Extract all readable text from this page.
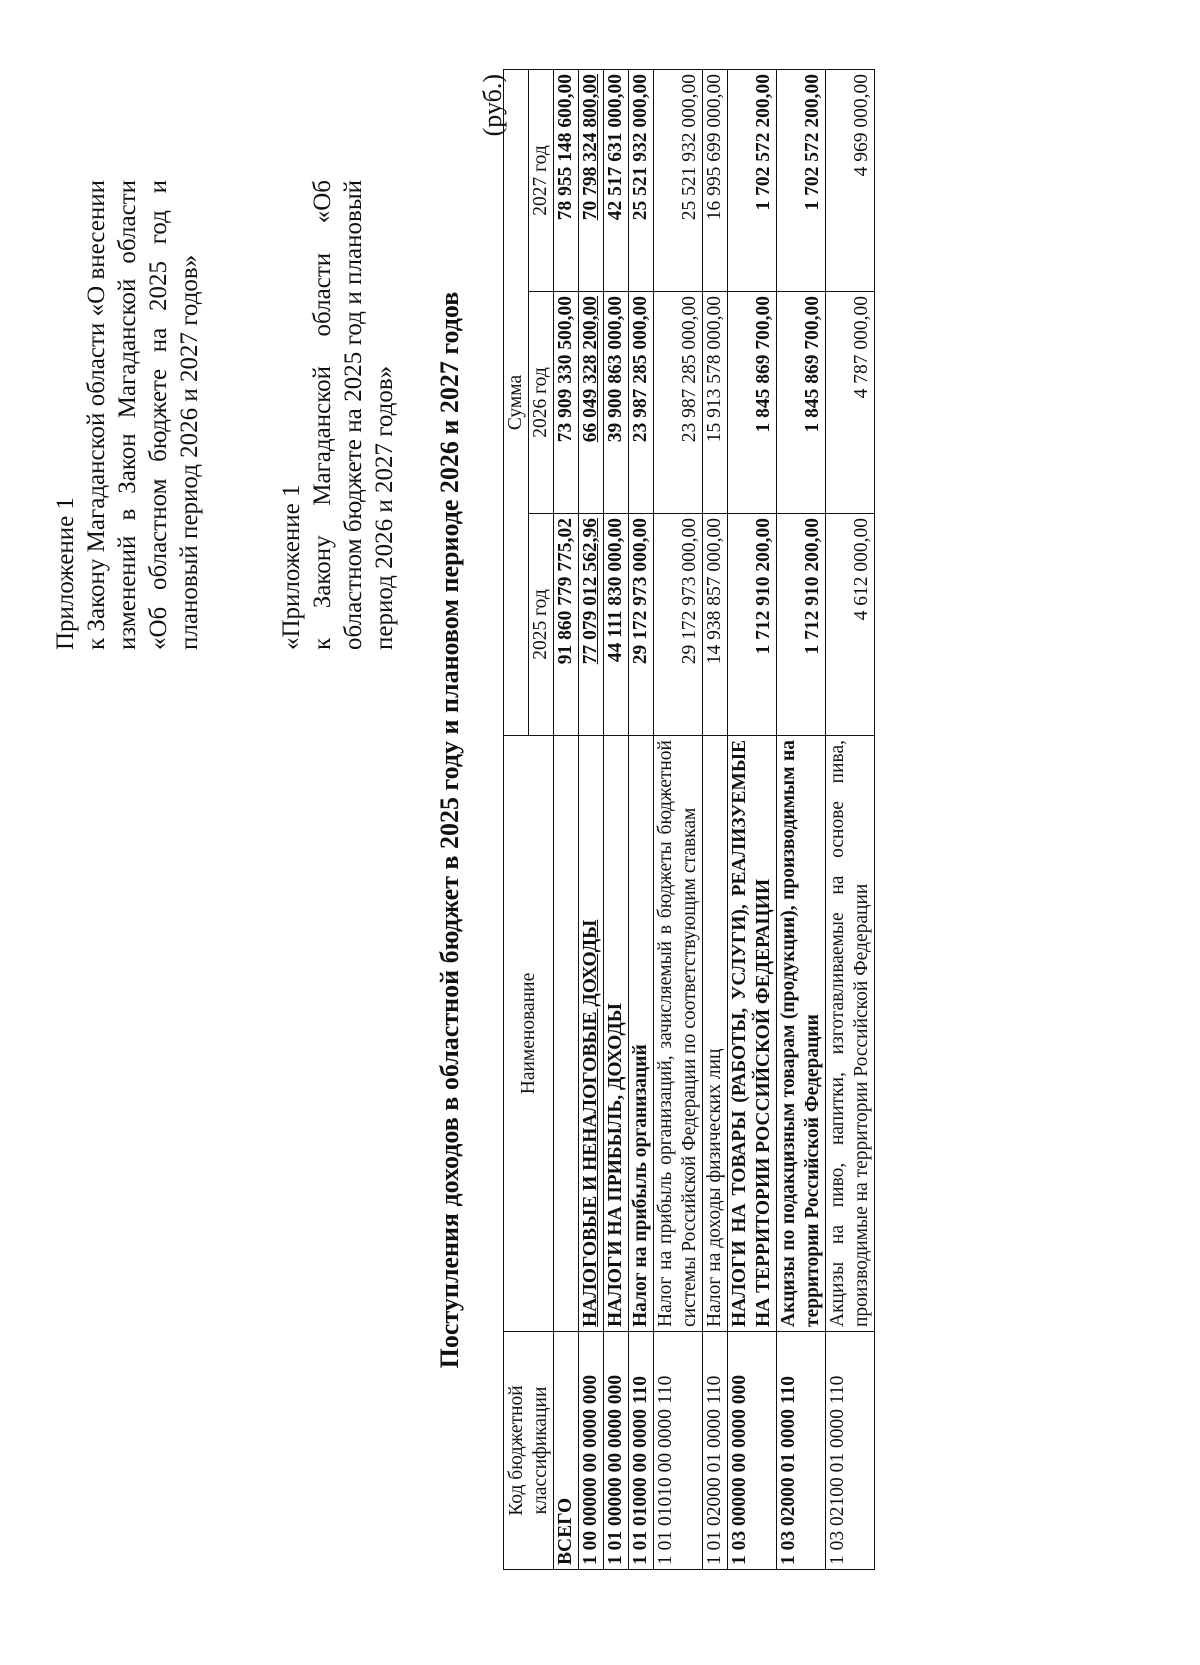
Приложение 1 к Закону Магаданской области «О внесении изменений в Закон Магаданской области «Об областном бюджете на 2025 год и плановый период 2026 и 2027 годов»	«Приложение 1 к Закону Магаданской области «Об областном бюджете на 2025 год и плановый период 2026 и 2027 годов» Поступления доходов в областной бюджет в 2025 году и плановом периоде 2026 и 2027 годов
(руб.)
Код бюджетной классификации	Наименование	Сумма		
		2025 год	2026 год	2027 год
ВСЕГО		91 860 779 775,02	73 909 330 500,00	78 955 148 600,00
1 00 00000 00 0000 000	НАЛОГОВЫЕ И НЕНАЛОГОВЫЕ ДОХОДЫ	77 079 012 562,96	66 049 328 200,00	70 798 324 800,00
1 01 00000 00 0000 000	НАЛОГИ НА ПРИБЫЛЬ, ДОХОДЫ	44 111 830 000,00	39 900 863 000,00	42 517 631 000,00
1 01 01000 00 0000 110	Налог на прибыль организаций	29 172 973 000,00	23 987 285 000,00	25 521 932 000,00
1 01 01010 00 0000 110	Налог на прибыль организаций, зачисляемый в бюджеты бюджетной системы Российской Федерации по соответствующим ставкам	29 172 973 000,00	23 987 285 000,00	25 521 932 000,00
1 01 02000 01 0000 110	Налог на доходы физических лиц	14 938 857 000,00	15 913 578 000,00	16 995 699 000,00
1 03 00000 00 0000 000	НАЛОГИ НА ТОВАРЫ (РАБОТЫ, УСЛУГИ), РЕАЛИЗУЕМЫЕ НА ТЕРРИТОРИИ РОССИЙСКОЙ ФЕДЕРАЦИИ	1 712 910 200,00	1 845 869 700,00	1 702 572 200,00
1 03 02000 01 0000 110	Акцизы по подакцизным товарам (продукции), производимым на территории Российской Федерации	1 712 910 200,00	1 845 869 700,00	1 702 572 200,00
1 03 02100 01 0000 110	Акцизы на пиво, напитки, изготавливаемые на основе пива, производимые на территории Российской Федерации	4 612 000,00	4 787 000,00	4 969 000,00
